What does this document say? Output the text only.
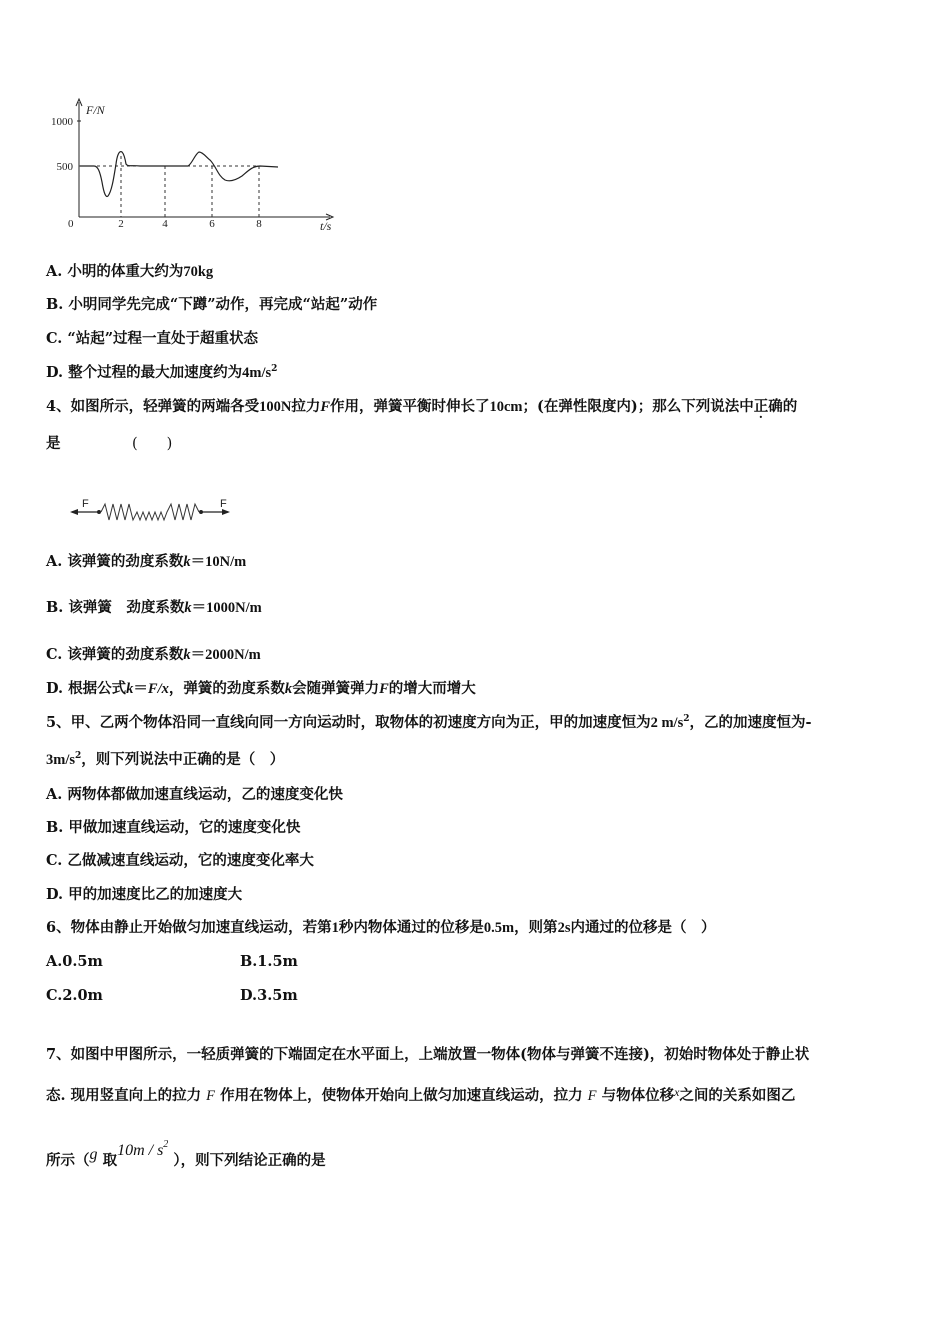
F/N
t/s
1000
500
0	2	4	6	8
A. 小明的体重大约为70kg
B. 小明同学先完成“下蹲”动作，再完成“站起”动作
C. “站起”过程一直处于超重状态
D. 整个过程的最大加速度约为$4m/s^2$
4、如图所示，轻弹簧的两端各受100N拉力F作用，弹簧平衡时伸长了10cm；(在弹性限度内)；那么下列说法中正确的
是	(　　)
F	F
A. 该弹簧的劲度系数k＝10N/m
B. 该弹簧　劲度系数k＝1000N/m
C. 该弹簧的劲度系数k＝2000N/m
D. 根据公式k＝F/x，弹簧的劲度系数k会随弹簧弹力F的增大而增大
5、甲、乙两个物体沿同一直线向同一方向运动时，取物体的初速度方向为正，甲的加速度恒为2 $m/s^2$，乙的加速度恒为-
$3m/s^2$，则下列说法中正确的是（　）
A. 两物体都做加速直线运动，乙的速度变化快
B. 甲做加速直线运动，它的速度变化快
C. 乙做减速直线运动，它的速度变化率大
D. 甲的加速度比乙的加速度大
6、物体由静止开始做匀加速直线运动，若第1秒内物体通过的位移是0.5m，则第2s内通过的位移是（　）
A.0.5m	B.1.5m
C.2.0m	D.3.5m
7、如图中甲图所示，一轻质弹簧的下端固定在水平面上，上端放置一物体(物体与弹簧不连接)，初始时物体处于静止状
态. 现用竖直向上的拉力 F 作用在物体上，使物体开始向上做匀加速直线运动，拉力 F 与物体位移$^x$之间的关系如图乙
所示（g 取$10m / s^2$ ），则下列结论正确的是
